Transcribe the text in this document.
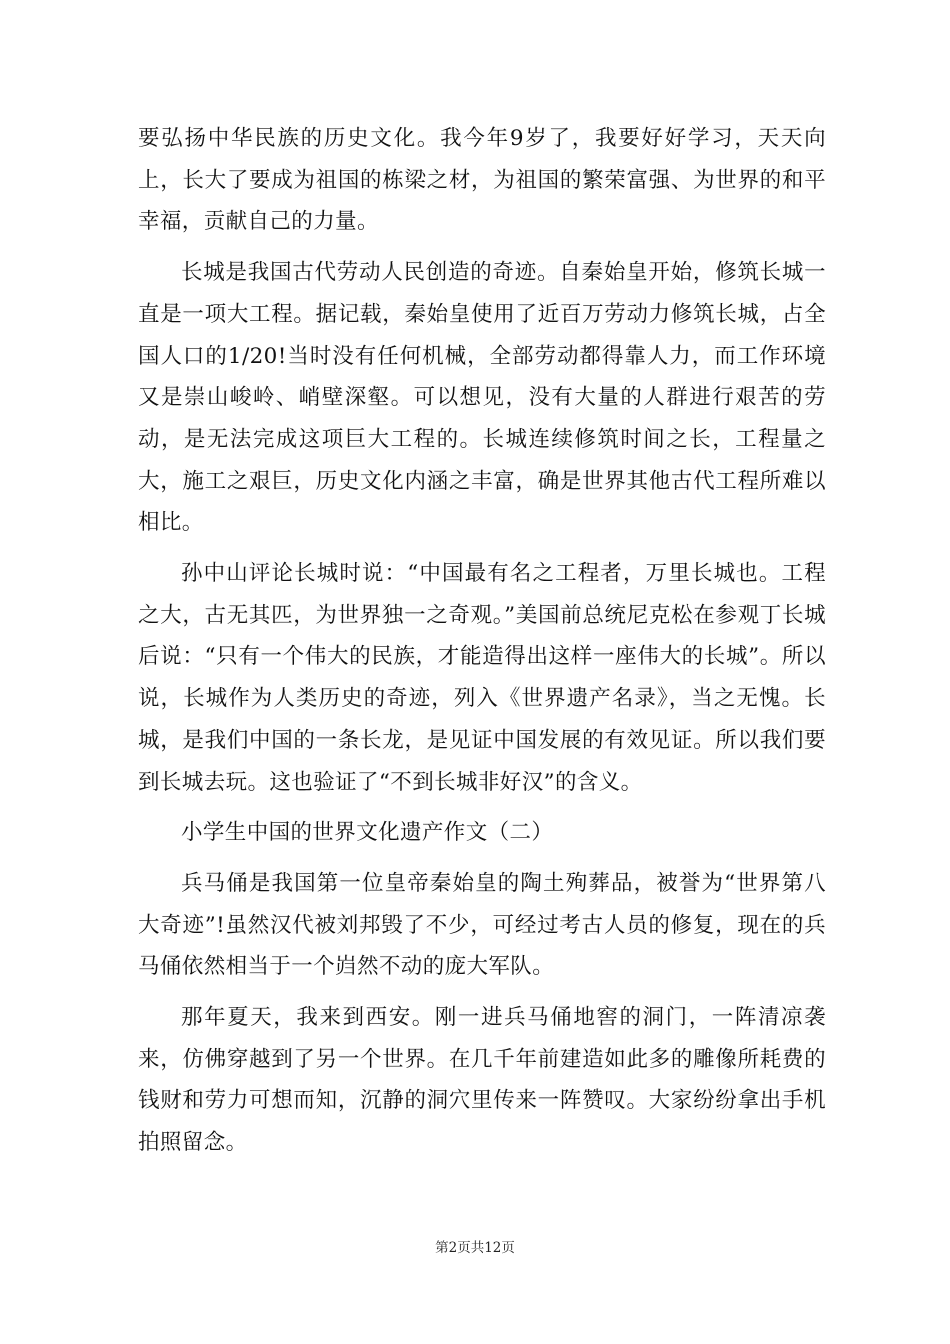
要弘扬中华民族的历史文化。我今年9岁了，我要好好学习，天天向上，长大了要成为祖国的栋梁之材，为祖国的繁荣富强、为世界的和平幸福，贡献自己的力量。

长城是我国古代劳动人民创造的奇迹。自秦始皇开始，修筑长城一直是一项大工程。据记载，秦始皇使用了近百万劳动力修筑长城，占全国人口的1/20!当时没有任何机械，全部劳动都得靠人力，而工作环境又是崇山峻岭、峭壁深壑。可以想见，没有大量的人群进行艰苦的劳动，是无法完成这项巨大工程的。长城连续修筑时间之长，工程量之大，施工之艰巨，历史文化内涵之丰富，确是世界其他古代工程所难以相比。

孙中山评论长城时说：“中国最有名之工程者，万里长城也。工程之大，古无其匹，为世界独一之奇观。”美国前总统尼克松在参观丁长城后说：“只有一个伟大的民族，才能造得出这样一座伟大的长城”。所以说，长城作为人类历史的奇迹，列入《世界遗产名录》，当之无愧。长城，是我们中国的一条长龙，是见证中国发展的有效见证。所以我们要到长城去玩。这也验证了“不到长城非好汉”的含义。

小学生中国的世界文化遗产作文（二）

兵马俑是我国第一位皇帝秦始皇的陶土殉葬品，被誉为“世界第八大奇迹”!虽然汉代被刘邦毁了不少，可经过考古人员的修复，现在的兵马俑依然相当于一个岿然不动的庞大军队。

那年夏天，我来到西安。刚一进兵马俑地窖的洞门，一阵清凉袭来，仿佛穿越到了另一个世界。在几千年前建造如此多的雕像所耗费的钱财和劳力可想而知，沉静的洞穴里传来一阵赞叹。大家纷纷拿出手机拍照留念。

第2页共12页
